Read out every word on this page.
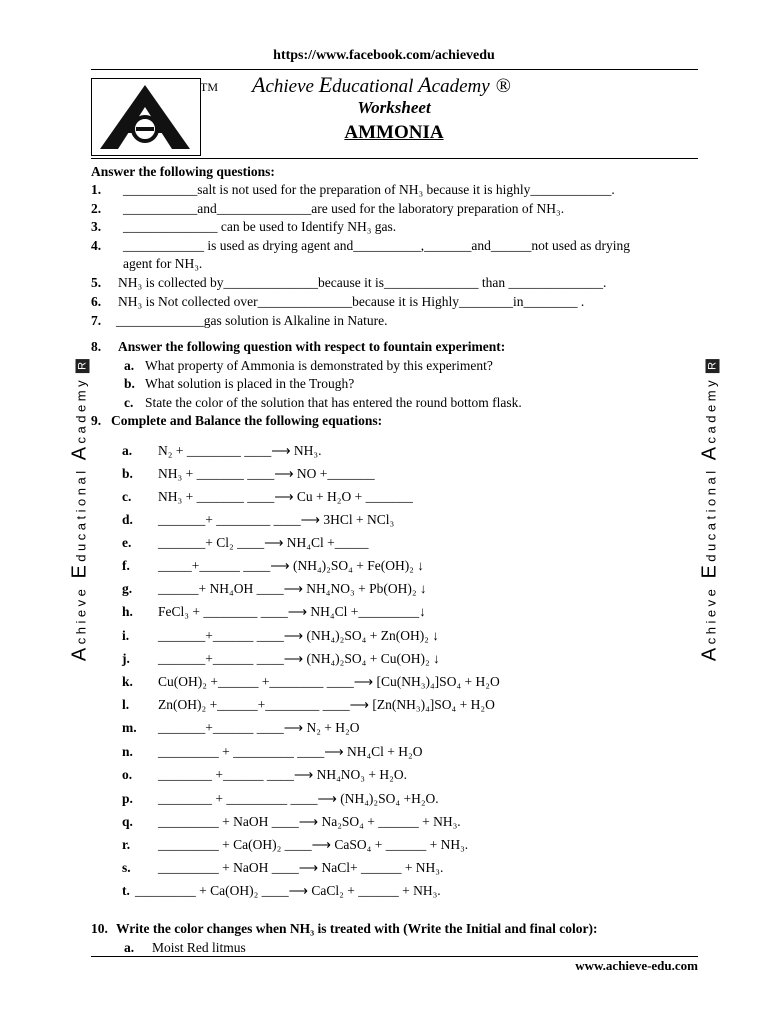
https://www.facebook.com/achievedu
TM Achieve Educational Academy ®
Worksheet
AMMONIA
Achieve Educational AcademyR
Achieve Educational AcademyR
Answer the following questions:
1. ___________salt is not used for the preparation of NH₃ because it is highly____________.
2. ___________and______________are used for the laboratory preparation of NH₃.
3. ______________ can be used to Identify NH₃ gas.
4. ____________ is used as drying agent and__________,_______and______not used as drying
agent for NH₃.
5. NH₃ is collected by______________because it is______________ than ______________.
6. NH₃ is Not collected over______________because it is Highly________in________ .
7. _____________gas solution is Alkaline in Nature.
8. Answer the following question with respect to fountain experiment:
a. What property of Ammonia is demonstrated by this experiment?
b. What solution is placed in the Trough?
c. State the color of the solution that has entered the round bottom flask.
9. Complete and Balance the following equations:
a. N₂ + ________ ____⟶ NH₃.
b. NH₃ + _______ ____⟶ NO +_______
c. NH₃ + _______ ____⟶ Cu + H₂O + _______
d. _______+ ________ ____⟶ 3HCl + NCl₃
e. _______+ Cl₂ ____⟶ NH₄Cl +_____
f. _____+______ ____⟶ (NH₄)₂SO₄ + Fe(OH)₂ ↓
g. ______+ NH₄OH ____⟶ NH₄NO₃ + Pb(OH)₂ ↓
h. FeCl₃ + ________ ____⟶ NH₄Cl +_________↓
i. _______+______ ____⟶ (NH₄)₂SO₄ + Zn(OH)₂ ↓
j. _______+______ ____⟶ (NH₄)₂SO₄ + Cu(OH)₂ ↓
k. Cu(OH)₂ +______ +________ ____⟶ [Cu(NH₃)₄]SO₄ + H₂O
l. Zn(OH)₂ +______+________ ____⟶ [Zn(NH₃)₄]SO₄ + H₂O
m. _______+______ ____⟶ N₂ + H₂O
n. _________ + _________ ____⟶ NH₄Cl + H₂O
o. ________ +______ ____⟶ NH₄NO₃ + H₂O.
p. ________ + _________ ____⟶ (NH₄)₂SO₄ +H₂O.
q. _________ + NaOH ____⟶ Na₂SO₄ + ______ + NH₃.
r. _________ + Ca(OH)₂ ____⟶ CaSO₄ + ______ + NH₃.
s. _________ + NaOH ____⟶ NaCl+ ______ + NH₃.
t. _________ + Ca(OH)₂ ____⟶ CaCl₂ + ______ + NH₃.
10. Write the color changes when NH₃ is treated with (Write the Initial and final color):
a. Moist Red litmus
www.achieve-edu.com
